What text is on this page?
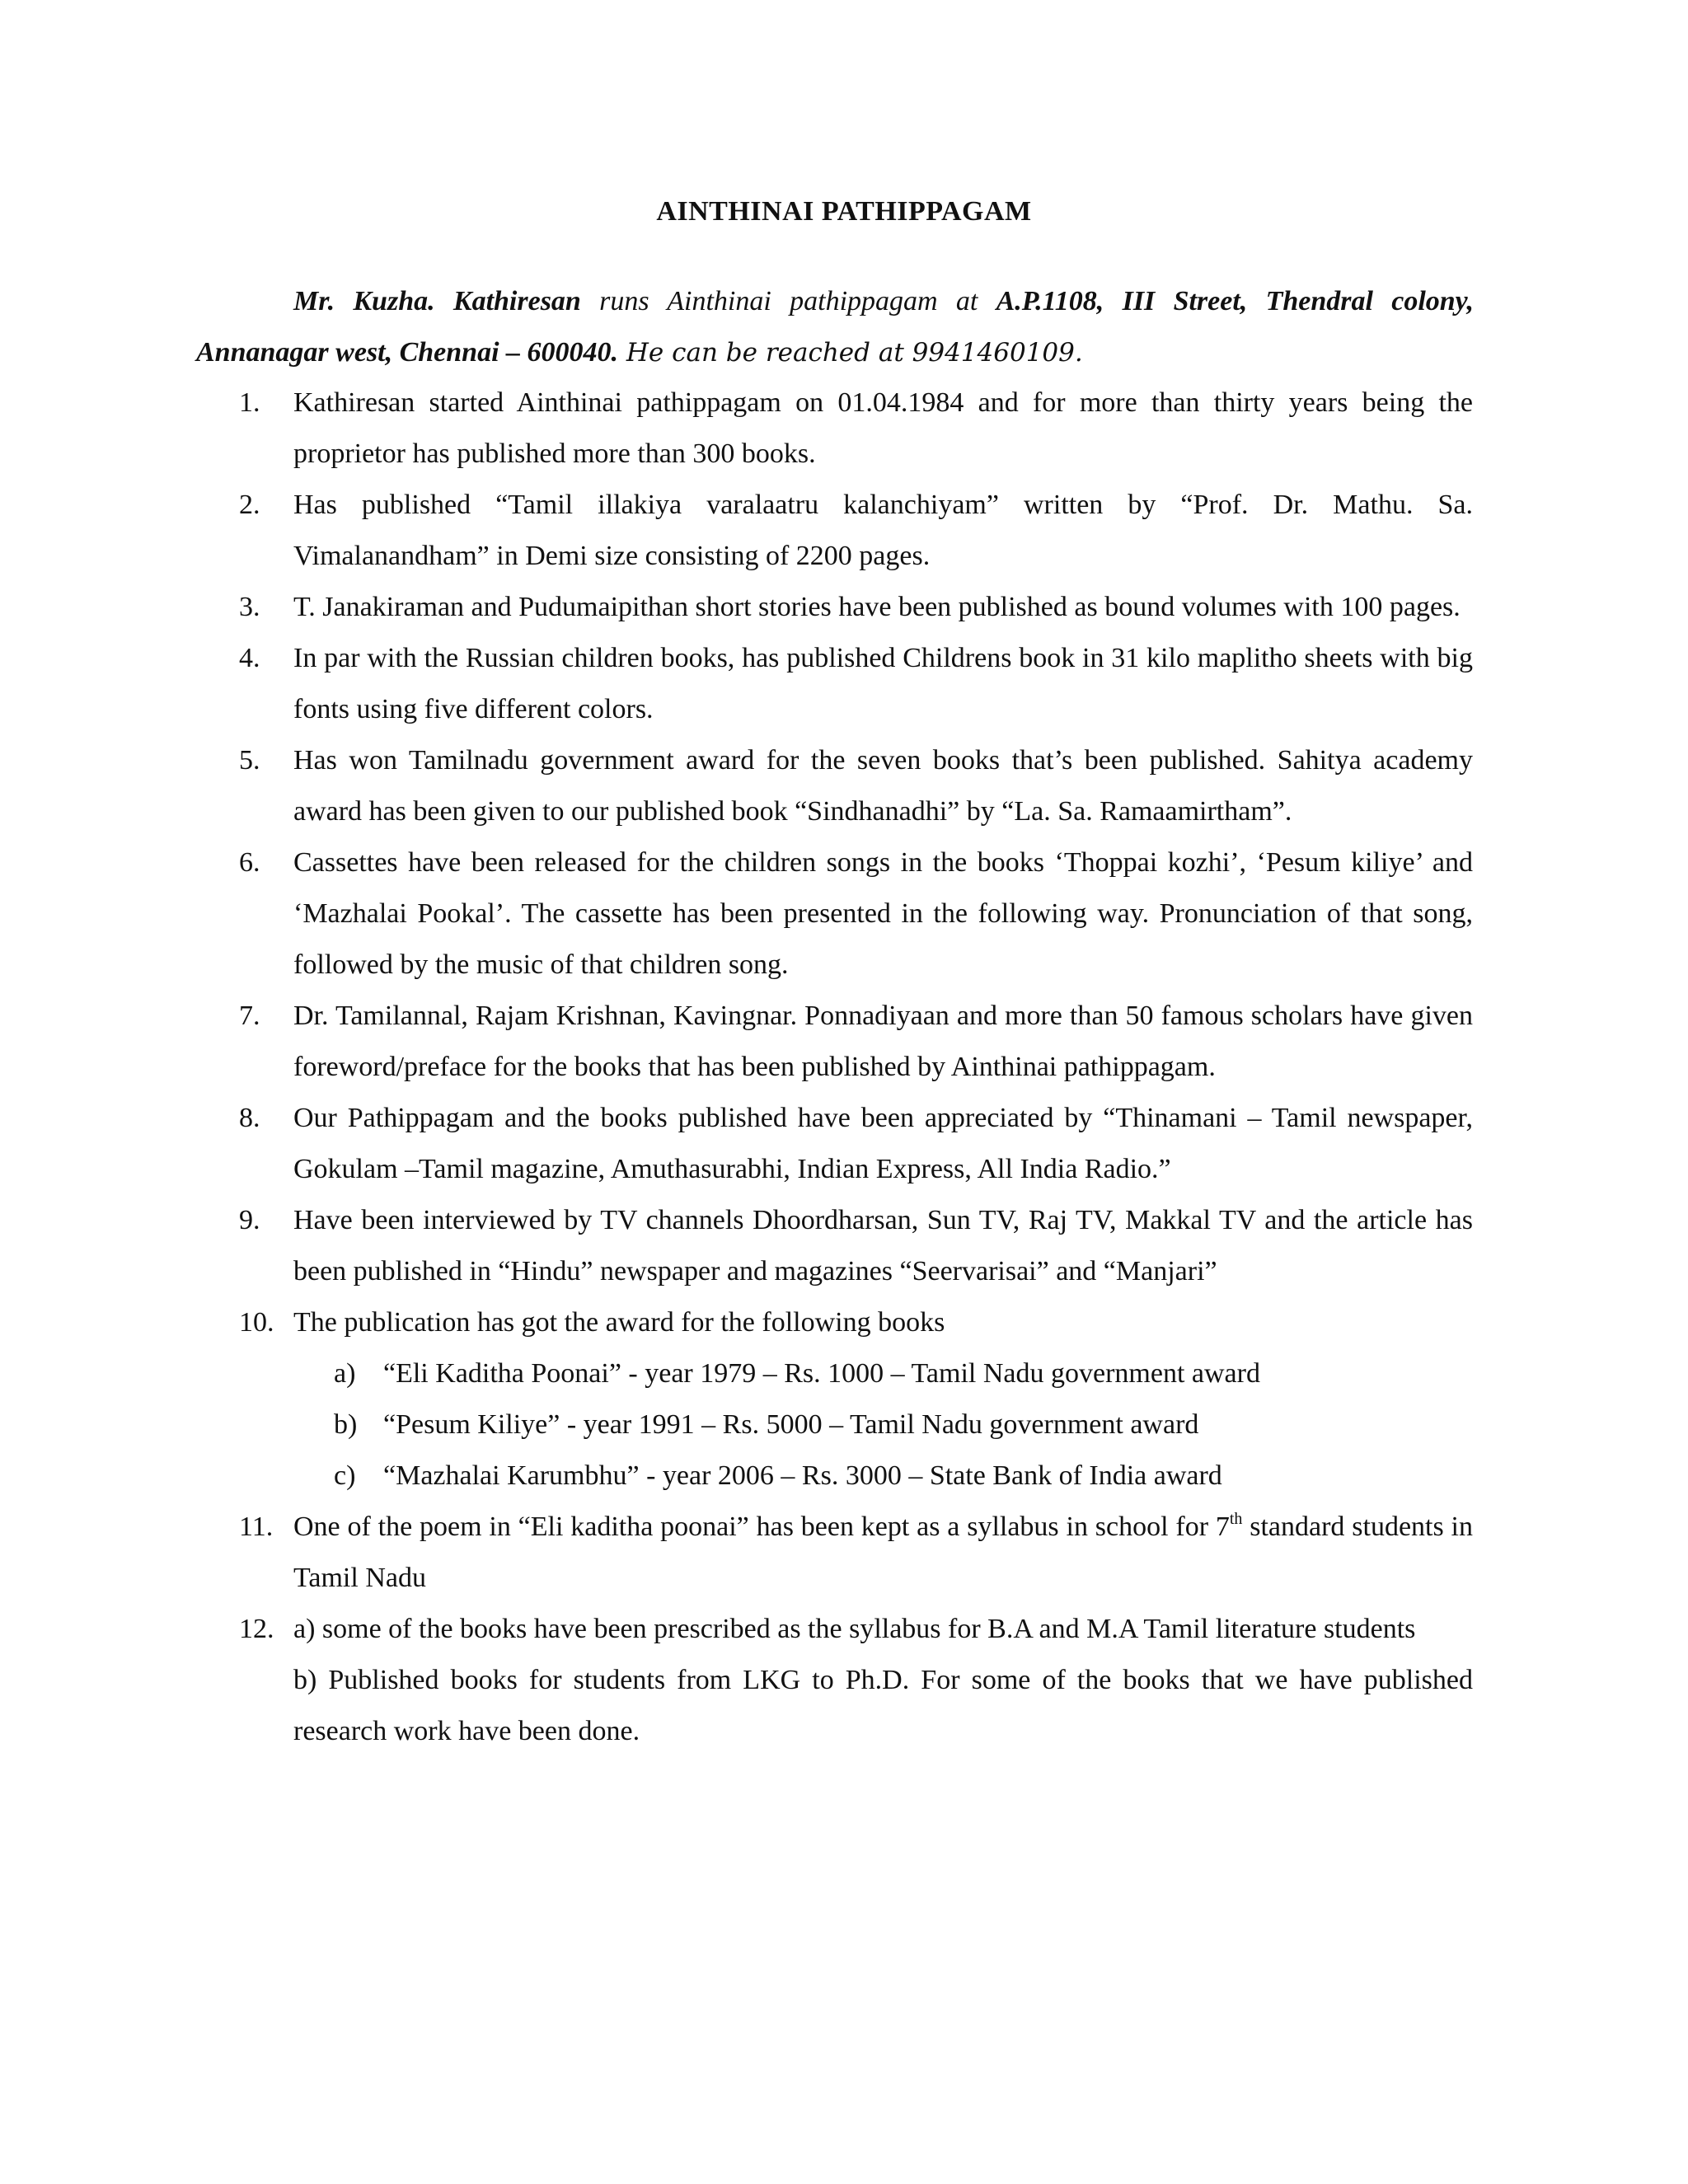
AINTHINAI PATHIPPAGAM
Mr. Kuzha. Kathiresan runs Ainthinai pathippagam at A.P.1108, III Street, Thendral colony, Annanagar west, Chennai – 600040. He can be reached at 9941460109.
1.	Kathiresan started Ainthinai pathippagam on 01.04.1984 and for more than thirty years being the proprietor has published more than 300 books.
2.	Has published “Tamil illakiya varalaatru kalanchiyam” written by “Prof. Dr. Mathu. Sa. Vimalanandham” in Demi size consisting of 2200 pages.
3.	T. Janakiraman and Pudumaipithan short stories have been published as bound volumes with 100 pages.
4.	In par with the Russian children books, has published Childrens book in 31 kilo maplitho sheets with big fonts using five different colors.
5.	Has won Tamilnadu government award for the seven books that’s been published. Sahitya academy award has been given to our published book “Sindhanadhi” by “La. Sa. Ramaamirtham”.
6.	Cassettes have been released for the children songs in the books ‘Thoppai kozhi’, ‘Pesum kiliye’ and ‘Mazhalai Pookal’. The cassette has been presented in the following way. Pronunciation of that song, followed by the music of that children song.
7.	Dr. Tamilannal, Rajam Krishnan, Kavingnar. Ponnadiyaan and more than 50 famous scholars have given foreword/preface for the books that has been published by Ainthinai pathippagam.
8.	Our Pathippagam and the books published have been appreciated by “Thinamani – Tamil newspaper, Gokulam –Tamil magazine, Amuthasurabhi, Indian Express, All India Radio.”
9.	Have been interviewed by TV channels Dhoordharsan, Sun TV, Raj TV, Makkal TV and the article has been published in “Hindu” newspaper and magazines “Seervarisai” and “Manjari”
10. The publication has got the award for the following books
a) “Eli Kaditha Poonai” - year 1979 – Rs. 1000 – Tamil Nadu government award
b) “Pesum Kiliye” - year 1991 – Rs. 5000 – Tamil Nadu government award
c) “Mazhalai Karumbhu” - year 2006 – Rs. 3000 – State Bank of India award
11. One of the poem in “Eli kaditha poonai” has been kept as a syllabus in school for 7th standard students in Tamil Nadu
12. a) some of the books have been prescribed as the syllabus for B.A and M.A Tamil literature students
b) Published books for students from LKG to Ph.D. For some of the books that we have published research work have been done.
